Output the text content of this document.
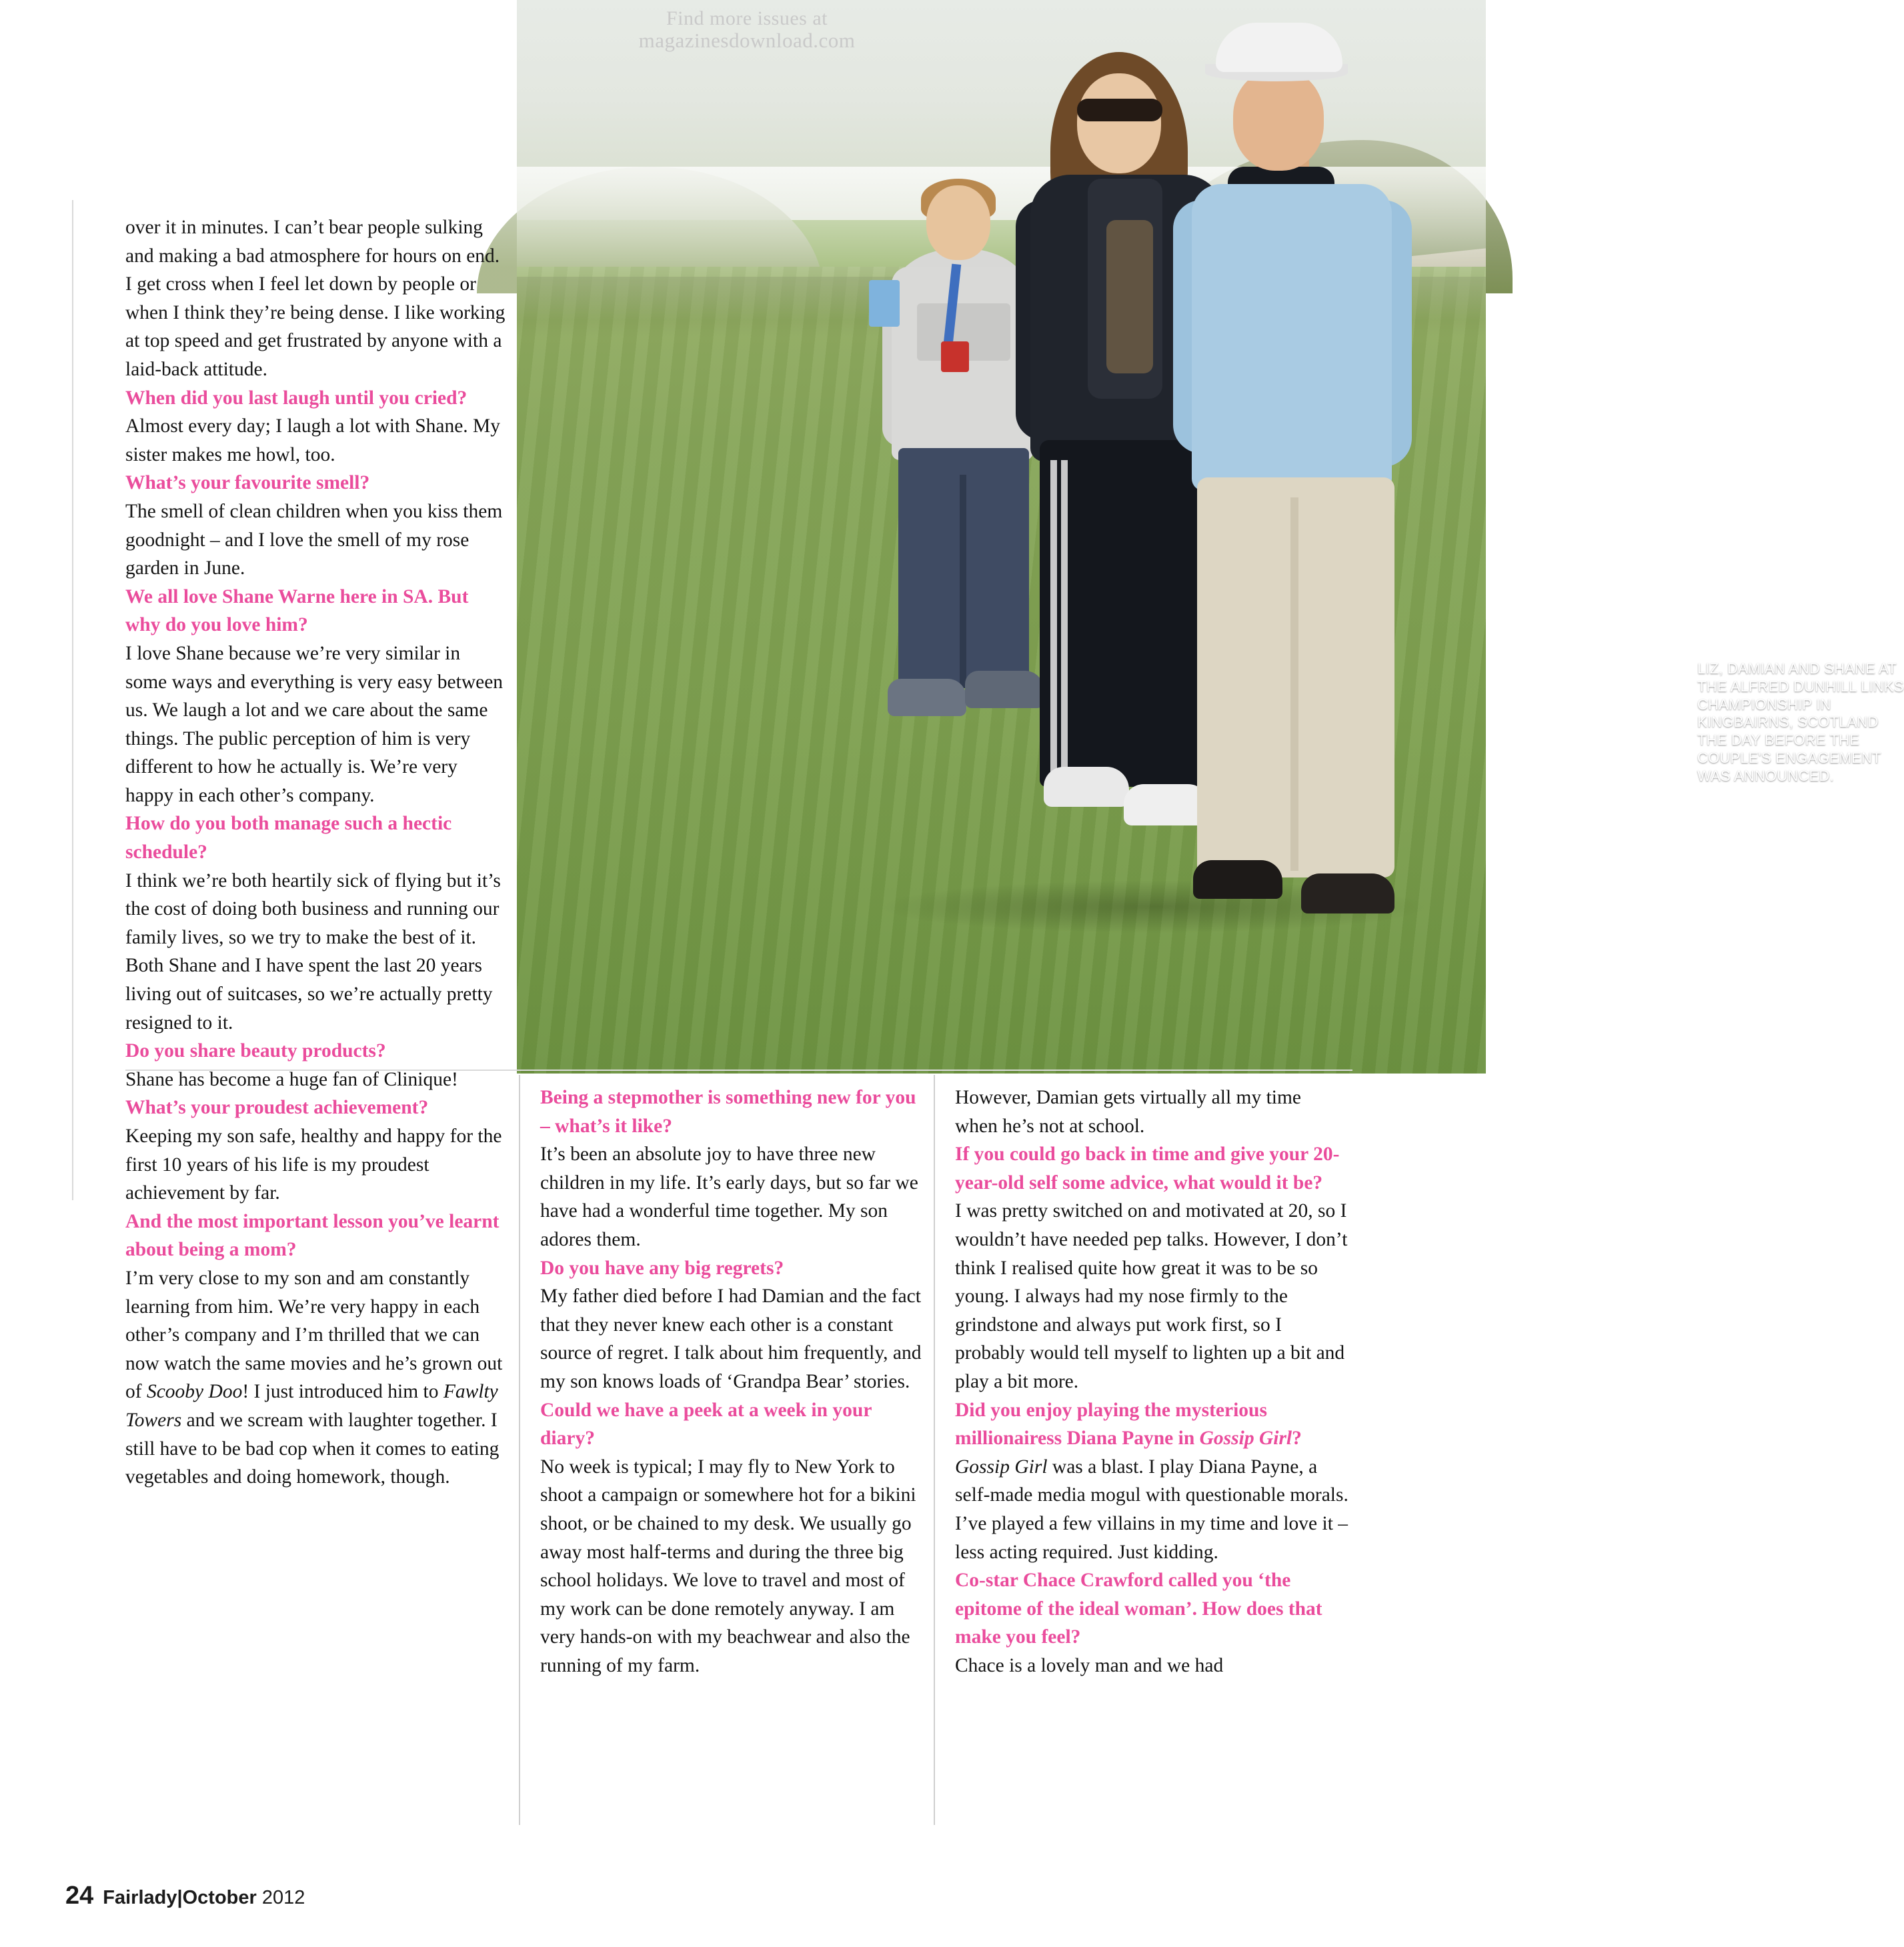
Find more issues at
magazinesdownload.com
LIZ, DAMIAN AND SHANE AT THE ALFRED DUNHILL LINKS CHAMPIONSHIP IN KINGBAIRNS, SCOTLAND THE DAY BEFORE THE COUPLE'S ENGAGEMENT WAS ANNOUNCED.

over it in minutes. I can’t bear people sulking and making a bad atmosphere for hours on end. I get cross when I feel let down by people or when I think they’re being dense. I like working at top speed and get frustrated by anyone with a laid-back attitude.

When did you last laugh until you cried?

Almost every day; I laugh a lot with Shane. My sister makes me howl, too.

What’s your favourite smell?

The smell of clean children when you kiss them goodnight – and I love the smell of my rose garden in June.

We all love Shane Warne here in SA. But why do you love him?

I love Shane because we’re very similar in some ways and everything is very easy between us. We laugh a lot and we care about the same things. The public perception of him is very different to how he actually is. We’re very happy in each other’s company.

How do you both manage such a hectic schedule?

I think we’re both heartily sick of flying but it’s the cost of doing both business and running our family lives, so we try to make the best of it. Both Shane and I have spent the last 20 years living out of suitcases, so we’re actually pretty resigned to it.

Do you share beauty products?

Shane has become a huge fan of Clinique!

What’s your proudest achievement?

Keeping my son safe, healthy and happy for the first 10 years of his life is my proudest achievement by far.

And the most important lesson you’ve learnt about being a mom?

I’m very close to my son and am constantly learning from him. We’re very happy in each other’s company and I’m thrilled that we can now watch the same movies and he’s grown out of Scooby Doo! I just introduced him to Fawlty Towers and we scream with laughter together. I still have to be bad cop when it comes to eating vegetables and doing homework, though.

Being a stepmother is something new for you – what’s it like?

It’s been an absolute joy to have three new children in my life. It’s early days, but so far we have had a wonderful time together. My son adores them.

Do you have any big regrets?

My father died before I had Damian and the fact that they never knew each other is a constant source of regret. I talk about him frequently, and my son knows loads of ‘Grandpa Bear’ stories.

Could we have a peek at a week in your diary?

No week is typical; I may fly to New York to shoot a campaign or somewhere hot for a bikini shoot, or be chained to my desk. We usually go away most half-terms and during the three big school holidays. We love to travel and most of my work can be done remotely anyway. I am very hands-on with my beachwear and also the running of my farm.

However, Damian gets virtually all my time when he’s not at school.

If you could go back in time and give your 20-year-old self some advice, what would it be?

I was pretty switched on and motivated at 20, so I wouldn’t have needed pep talks. However, I don’t think I realised quite how great it was to be so young. I always had my nose firmly to the grindstone and always put work first, so I probably would tell myself to lighten up a bit and play a bit more.

Did you enjoy playing the mysterious millionairess Diana Payne in Gossip Girl?

Gossip Girl was a blast. I play Diana Payne, a self-made media mogul with questionable morals. I’ve played a few villains in my time and love it – less acting required. Just kidding.

Co-star Chace Crawford called you ‘the epitome of the ideal woman’. How does that make you feel?

Chace is a lovely man and we had

24 Fairlady|October 2012
